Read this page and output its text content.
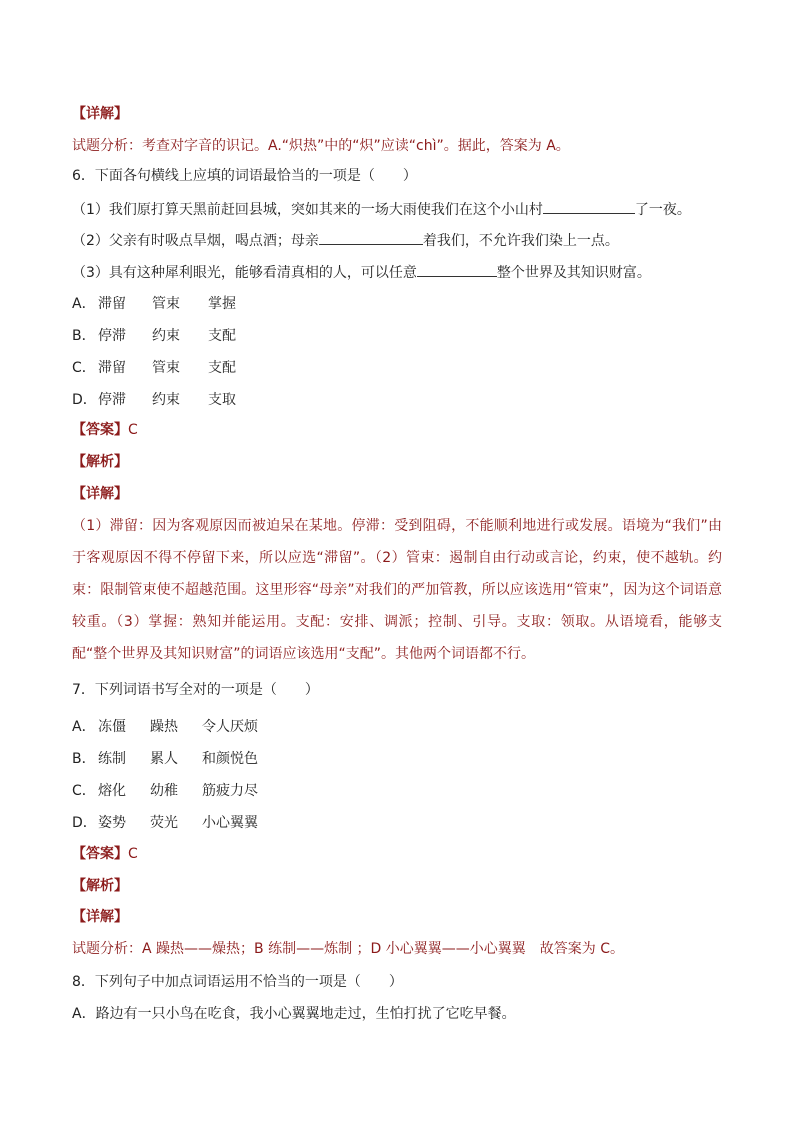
【详解】
试题分析：考查对字音的识记。A.“炽热”中的“炽”应读“chì”。据此，答案为 A。
6．下面各句横线上应填的词语最恰当的一项是（　　）
（1）我们原打算天黑前赶回县城，突如其来的一场大雨使我们在这个小山村	了一夜。
（2）父亲有时吸点旱烟，喝点酒；母亲	着我们，不允许我们染上一点。
（3）具有这种犀利眼光，能够看清真相的人，可以任意	整个世界及其知识财富。
A． 滞留 管束 掌握
B． 停滞 约束 支配
C． 滞留 管束 支配
D．停滞 约束 支取
【答案】C
【解析】
【详解】
（1）滞留：因为客观原因而被迫呆在某地。停滞：受到阻碍，不能顺利地进行或发展。语境为“我们”由于客观原因不得不停留下来，所以应选“滞留”。（2）管束：遏制自由行动或言论，约束，使不越轨。约束：限制管束使不超越范围。这里形容“母亲”对我们的严加管教，所以应该选用“管束”，因为这个词语意较重。（3）掌握：熟知并能运用。支配：安排、调派；控制、引导。支取：领取。从语境看，能够支配“整个世界及其知识财富”的词语应该选用“支配”。其他两个词语都不行。
7．下列词语书写全对的一项是（　　）
A． 冻僵 躁热 令人厌烦
B． 练制 累人 和颜悦色
C． 熔化 幼稚 筋疲力尽
D．姿势 荧光 小心翼翼
【答案】C
【解析】
【详解】
试题分析：A 躁热——燥热；B 练制——炼制 ；D 小心翼翼——小心翼翼　故答案为 C。
8．下列句子中加点词语运用不恰当的一项是（　　）
A．路边有一只小鸟在吃食，我小心翼翼地走过，生怕打扰了它吃早餐。
